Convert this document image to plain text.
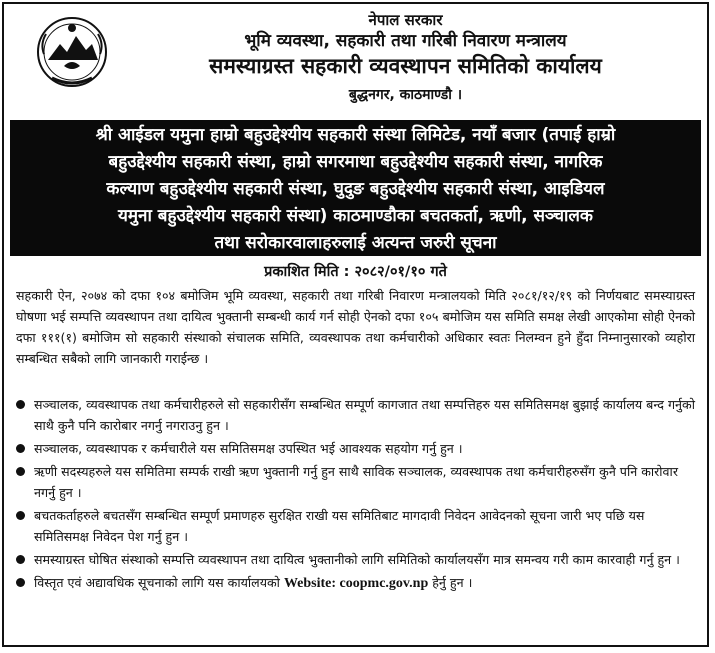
नेपाल सरकार
भूमि व्यवस्था, सहकारी तथा गरिबी निवारण मन्त्रालय
समस्याग्रस्त सहकारी व्यवस्थापन समितिको कार्यालय
बुद्धनगर, काठमाण्डौ ।
श्री आईडल यमुना हाम्रो बहुउद्देश्यीय सहकारी संस्था लिमिटेड, नयाँ बजार (तपाई हाम्रो
बहुउद्देश्यीय सहकारी संस्था, हाम्रो सगरमाथा बहुउद्देश्यीय सहकारी संस्था, नागरिक
कल्याण बहुउद्देश्यीय सहकारी संस्था, घुदुङ बहुउद्देश्यीय सहकारी संस्था, आइडियल
यमुना बहुउद्देश्यीय सहकारी संस्था) काठमाण्डौका बचतकर्ता, ऋणी, सञ्चालक
तथा सरोकारवालाहरुलाई अत्यन्त जरुरी सूचना
प्रकाशित मिति : २०८२/०१/१० गते
सहकारी ऐन, २०७४ को दफा १०४ बमोजिम भूमि व्यवस्था, सहकारी तथा गरिबी निवारण मन्त्रालयको मिति २०८१/१२/१९ को निर्णयबाट समस्याग्रस्त घोषणा भई सम्पत्ति व्यवस्थापन तथा दायित्व भुक्तानी सम्बन्धी कार्य गर्न सोही ऐनको दफा १०५ बमोजिम यस समिति समक्ष लेखी आएकोमा सोही ऐनको दफा १११(१) बमोजिम सो सहकारी संस्थाको संचालक समिति, व्यवस्थापक तथा कर्मचारीको अधिकार स्वतः निलम्वन हुने हुँदा निम्नानुसारको व्यहोरा सम्बन्धित सबैको लागि जानकारी गराईन्छ ।
सञ्चालक, व्यवस्थापक तथा कर्मचारीहरुले सो सहकारीसँग सम्बन्धित सम्पूर्ण कागजात तथा सम्पत्तिहरु यस समितिसमक्ष बुझाई कार्यालय बन्द गर्नुको साथै कुनै पनि कारोबार नगर्नु नगराउनु हुन ।
सञ्चालक, व्यवस्थापक र कर्मचारीले यस समितिसमक्ष उपस्थित भई आवश्यक सहयोग गर्नु हुन ।
ऋणी सदस्यहरुले यस समितिमा सम्पर्क राखी ऋण भुक्तानी गर्नु हुन साथै साविक सञ्चालक, व्यवस्थापक तथा कर्मचारीहरुसँग कुनै पनि कारोवार नगर्नु हुन ।
बचतकर्ताहरुले बचतसँग सम्बन्धित सम्पूर्ण प्रमाणहरु सुरक्षित राखी यस समितिबाट मागदावी निवेदन आवेदनको सूचना जारी भए पछि यस समितिसमक्ष निवेदन पेश गर्नु हुन ।
समस्याग्रस्त घोषित संस्थाको सम्पत्ति व्यवस्थापन तथा दायित्व भुक्तानीको लागि समितिको कार्यालयसँग मात्र समन्वय गरी काम कारवाही गर्नु हुन ।
विस्तृत एवं अद्यावधिक सूचनाको लागि यस कार्यालयको Website: coopmc.gov.np हेर्नु हुन ।
